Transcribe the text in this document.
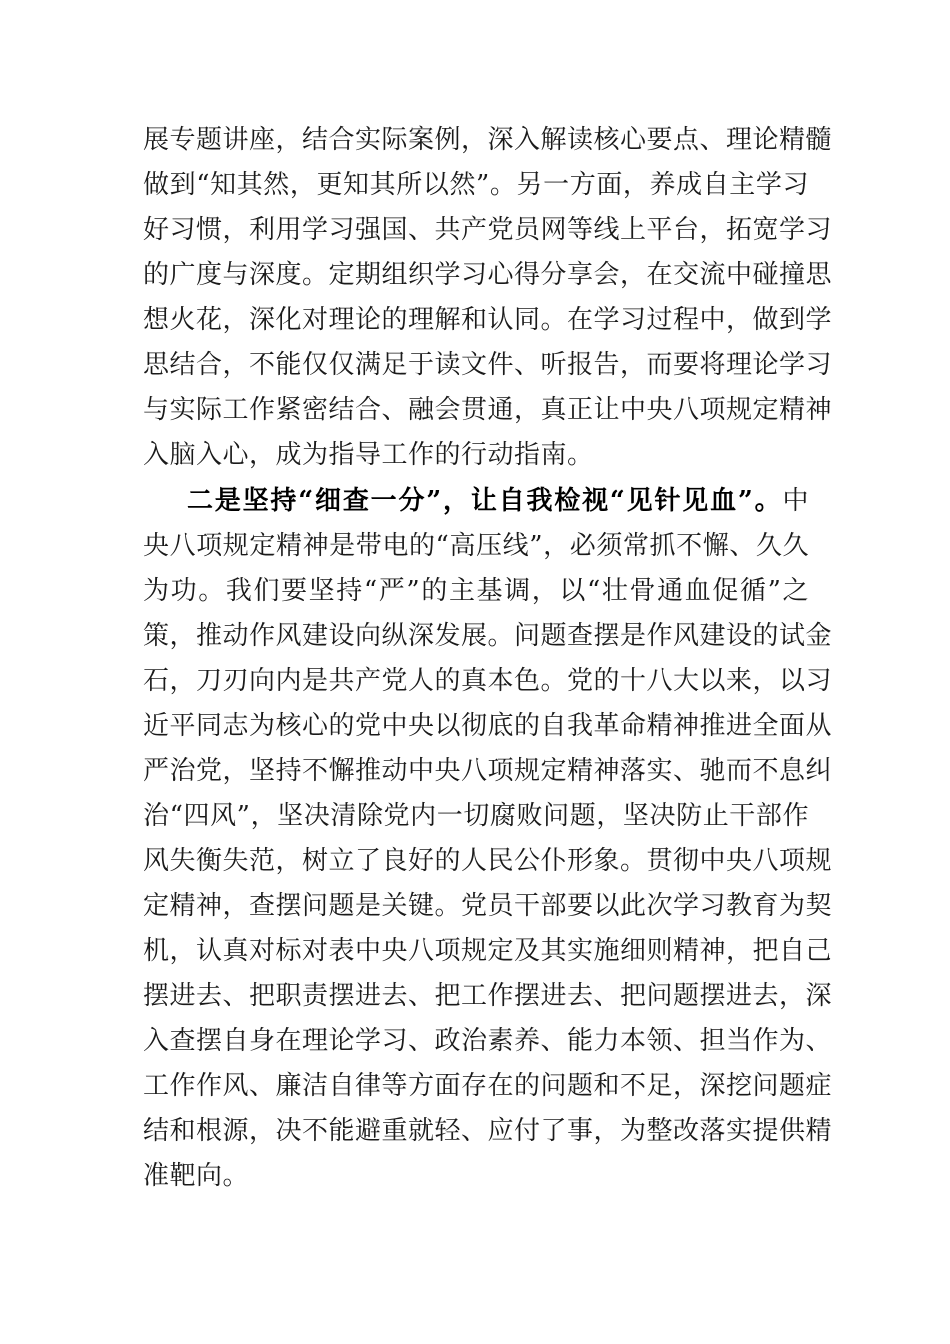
展专题讲座，结合实际案例，深入解读核心要点、理论精髓
做到“知其然，更知其所以然”。另一方面，养成自主学习
好习惯，利用学习强国、共产党员网等线上平台，拓宽学习
的广度与深度。定期组织学习心得分享会，在交流中碰撞思
想火花，深化对理论的理解和认同。在学习过程中，做到学
思结合，不能仅仅满足于读文件、听报告，而要将理论学习
与实际工作紧密结合、融会贯通，真正让中央八项规定精神
入脑入心，成为指导工作的行动指南。
二是坚持“细查一分”，让自我检视“见针见血”。中
央八项规定精神是带电的“高压线”，必须常抓不懈、久久
为功。我们要坚持“严”的主基调，以“壮骨通血促循”之
策，推动作风建设向纵深发展。问题查摆是作风建设的试金
石，刀刃向内是共产党人的真本色。党的十八大以来，以习
近平同志为核心的党中央以彻底的自我革命精神推进全面从
严治党，坚持不懈推动中央八项规定精神落实、驰而不息纠
治“四风”，坚决清除党内一切腐败问题，坚决防止干部作
风失衡失范，树立了良好的人民公仆形象。贯彻中央八项规
定精神，查摆问题是关键。党员干部要以此次学习教育为契
机，认真对标对表中央八项规定及其实施细则精神，把自己
摆进去、把职责摆进去、把工作摆进去、把问题摆进去，深
入查摆自身在理论学习、政治素养、能力本领、担当作为、
工作作风、廉洁自律等方面存在的问题和不足，深挖问题症
结和根源，决不能避重就轻、应付了事，为整改落实提供精
准靶向。
